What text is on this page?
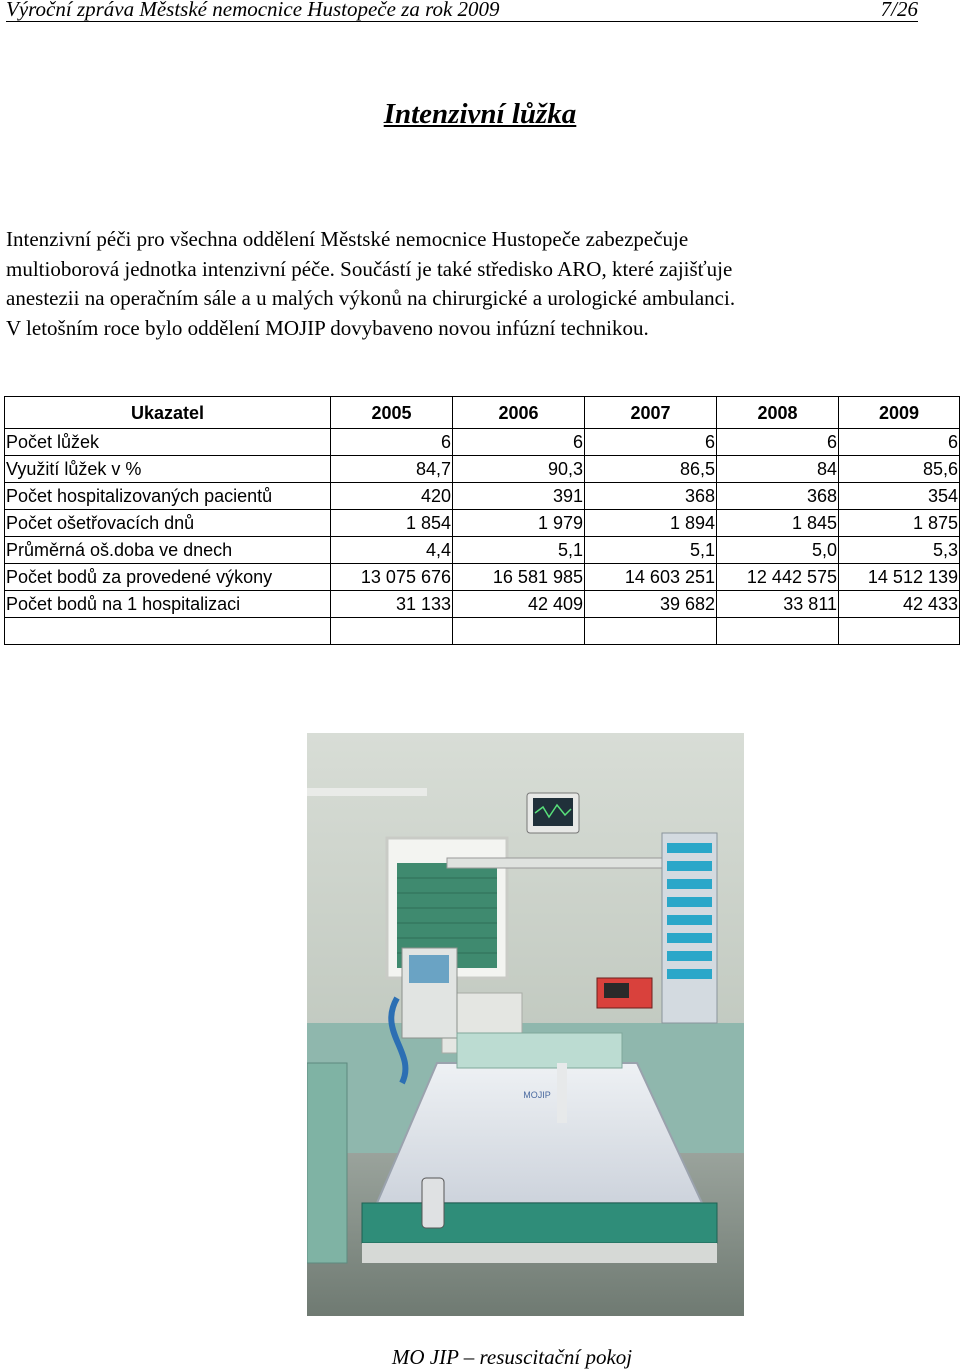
Výroční zpráva Městské nemocnice Hustopeče za rok 2009	7/26
Intenzivní lůžka
Intenzivní péči pro všechna oddělení Městské nemocnice Hustopeče zabezpečuje
multioborová jednotka intenzivní péče. Součástí je také středisko ARO, které zajišťuje
anestezii na operačním sále a u malých výkonů na chirurgické a urologické ambulanci.
V letošním roce bylo oddělení MOJIP dovybaveno novou infúzní technikou.
Ukazatel	2005	2006	2007	2008	2009
Počet lůžek	6	6	6	6	6
Využití lůžek v %	84,7	90,3	86,5	84	85,6
Počet hospitalizovaných pacientů	420	391	368	368	354
Počet ošetřovacích dnů	1 854	1 979	1 894	1 845	1 875
Průměrná oš.doba ve dnech	4,4	5,1	5,1	5,0	5,3
Počet bodů za provedené výkony	13 075 676	16 581 985	14 603 251	12 442 575	14 512 139
Počet bodů na 1 hospitalizaci	31 133	42 409	39 682	33 811	42 433

MOJIP
MO JIP – resuscitační pokoj
